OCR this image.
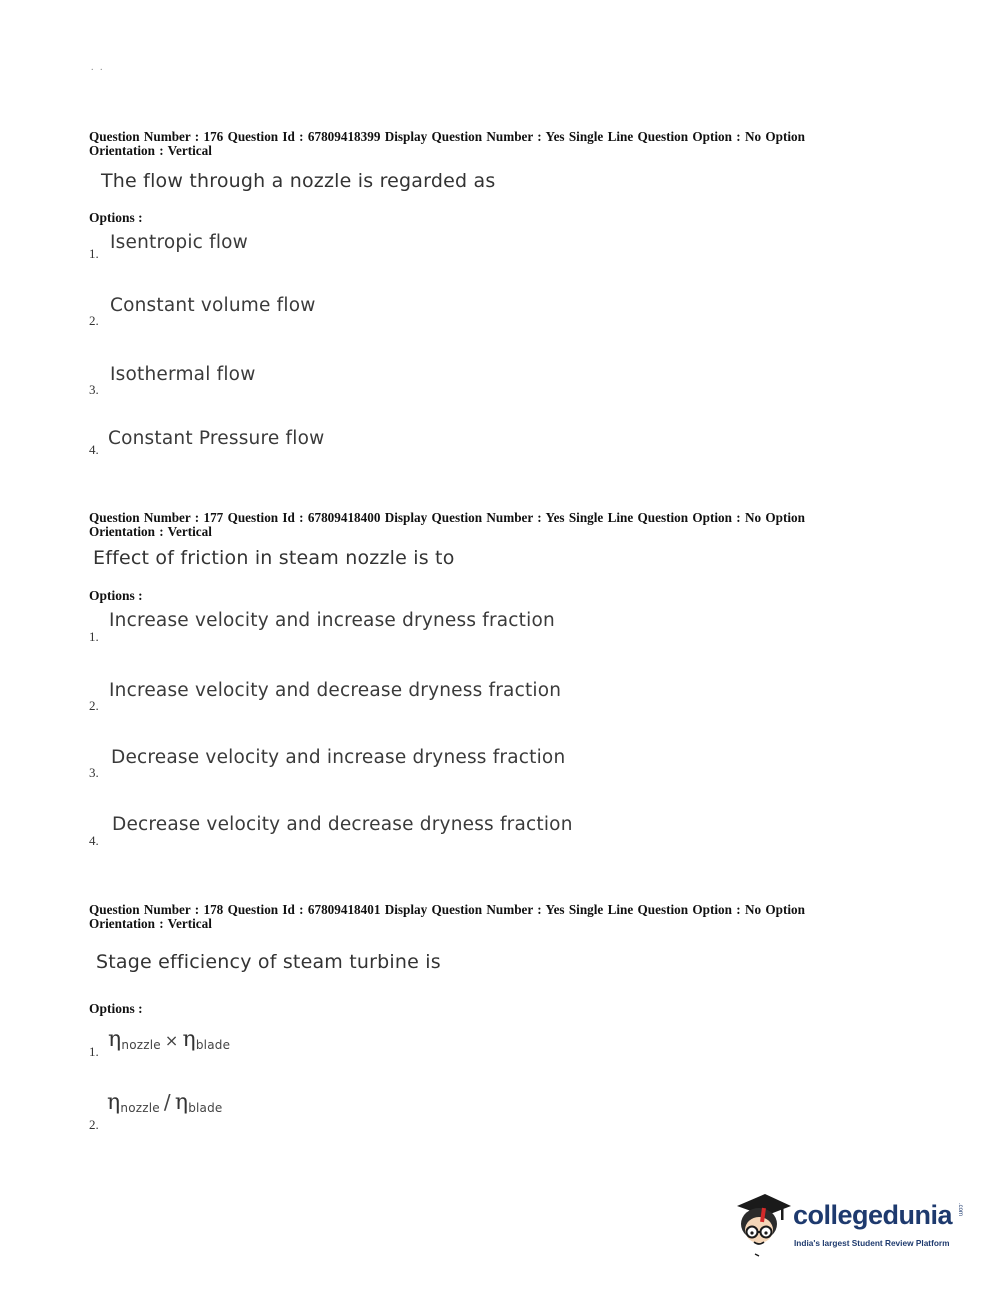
. .
Question Number : 176 Question Id : 67809418399 Display Question Number : Yes Single Line Question Option : No Option
Orientation : Vertical
The flow through a nozzle is regarded as
Options :
Isentropic flow
1.
Constant volume flow
2.
Isothermal flow
3.
Constant Pressure flow
4.
Question Number : 177 Question Id : 67809418400 Display Question Number : Yes Single Line Question Option : No Option
Orientation : Vertical
Effect of friction in steam nozzle is to
Options :
Increase velocity and increase dryness fraction
1.
Increase velocity and decrease dryness fraction
2.
Decrease velocity and increase dryness fraction
3.
Decrease velocity and decrease dryness fraction
4.
Question Number : 178 Question Id : 67809418401 Display Question Number : Yes Single Line Question Option : No Option
Orientation : Vertical
Stage efficiency of steam turbine is
Options :
ηnozzle × ηblade
1.
ηnozzle / ηblade
2.
collegedunia .com
India's largest Student Review Platform
